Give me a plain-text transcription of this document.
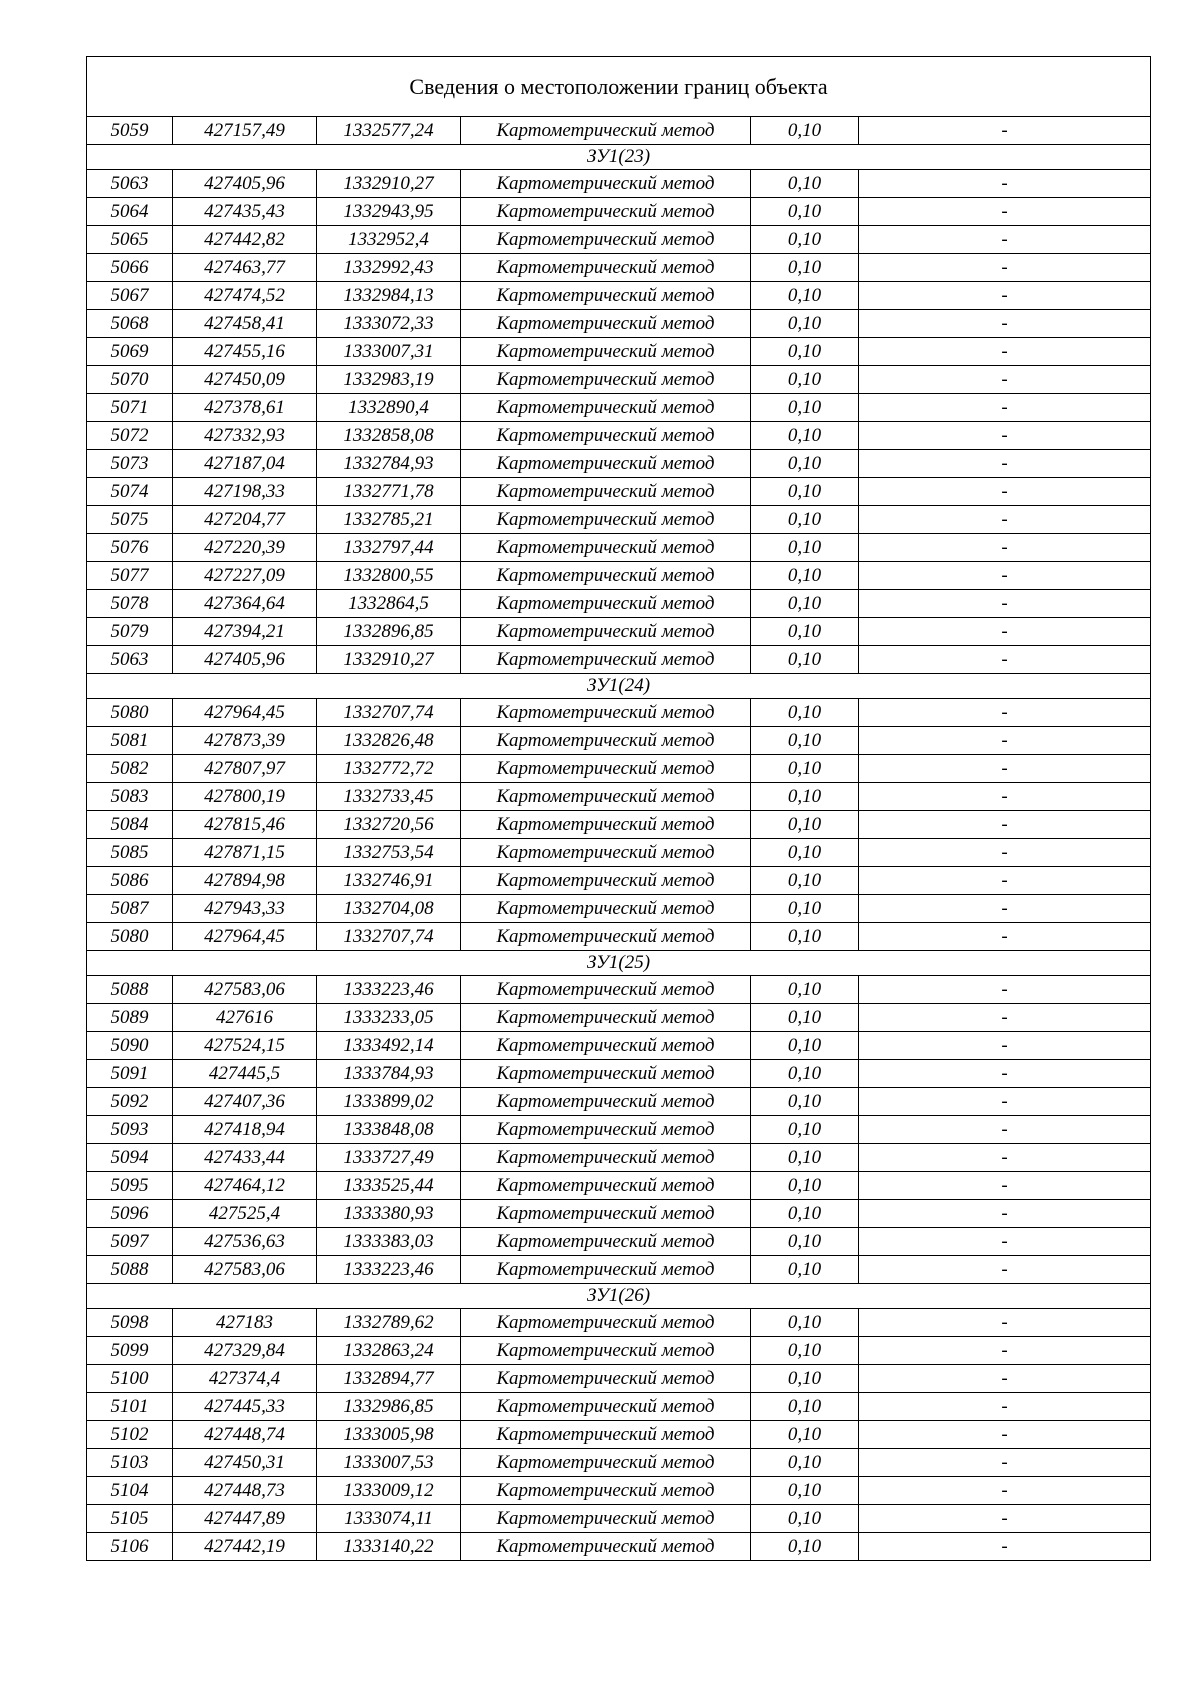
Сведения о местоположении границ объекта					
5059	427157,49	1332577,24	Картометрический метод	0,10	-
ЗУ1(23)					
5063	427405,96	1332910,27	Картометрический метод	0,10	-
5064	427435,43	1332943,95	Картометрический метод	0,10	-
5065	427442,82	1332952,4	Картометрический метод	0,10	-
5066	427463,77	1332992,43	Картометрический метод	0,10	-
5067	427474,52	1332984,13	Картометрический метод	0,10	-
5068	427458,41	1333072,33	Картометрический метод	0,10	-
5069	427455,16	1333007,31	Картометрический метод	0,10	-
5070	427450,09	1332983,19	Картометрический метод	0,10	-
5071	427378,61	1332890,4	Картометрический метод	0,10	-
5072	427332,93	1332858,08	Картометрический метод	0,10	-
5073	427187,04	1332784,93	Картометрический метод	0,10	-
5074	427198,33	1332771,78	Картометрический метод	0,10	-
5075	427204,77	1332785,21	Картометрический метод	0,10	-
5076	427220,39	1332797,44	Картометрический метод	0,10	-
5077	427227,09	1332800,55	Картометрический метод	0,10	-
5078	427364,64	1332864,5	Картометрический метод	0,10	-
5079	427394,21	1332896,85	Картометрический метод	0,10	-
5063	427405,96	1332910,27	Картометрический метод	0,10	-
ЗУ1(24)					
5080	427964,45	1332707,74	Картометрический метод	0,10	-
5081	427873,39	1332826,48	Картометрический метод	0,10	-
5082	427807,97	1332772,72	Картометрический метод	0,10	-
5083	427800,19	1332733,45	Картометрический метод	0,10	-
5084	427815,46	1332720,56	Картометрический метод	0,10	-
5085	427871,15	1332753,54	Картометрический метод	0,10	-
5086	427894,98	1332746,91	Картометрический метод	0,10	-
5087	427943,33	1332704,08	Картометрический метод	0,10	-
5080	427964,45	1332707,74	Картометрический метод	0,10	-
ЗУ1(25)					
5088	427583,06	1333223,46	Картометрический метод	0,10	-
5089	427616	1333233,05	Картометрический метод	0,10	-
5090	427524,15	1333492,14	Картометрический метод	0,10	-
5091	427445,5	1333784,93	Картометрический метод	0,10	-
5092	427407,36	1333899,02	Картометрический метод	0,10	-
5093	427418,94	1333848,08	Картометрический метод	0,10	-
5094	427433,44	1333727,49	Картометрический метод	0,10	-
5095	427464,12	1333525,44	Картометрический метод	0,10	-
5096	427525,4	1333380,93	Картометрический метод	0,10	-
5097	427536,63	1333383,03	Картометрический метод	0,10	-
5088	427583,06	1333223,46	Картометрический метод	0,10	-
ЗУ1(26)					
5098	427183	1332789,62	Картометрический метод	0,10	-
5099	427329,84	1332863,24	Картометрический метод	0,10	-
5100	427374,4	1332894,77	Картометрический метод	0,10	-
5101	427445,33	1332986,85	Картометрический метод	0,10	-
5102	427448,74	1333005,98	Картометрический метод	0,10	-
5103	427450,31	1333007,53	Картометрический метод	0,10	-
5104	427448,73	1333009,12	Картометрический метод	0,10	-
5105	427447,89	1333074,11	Картометрический метод	0,10	-
5106	427442,19	1333140,22	Картометрический метод	0,10	-
